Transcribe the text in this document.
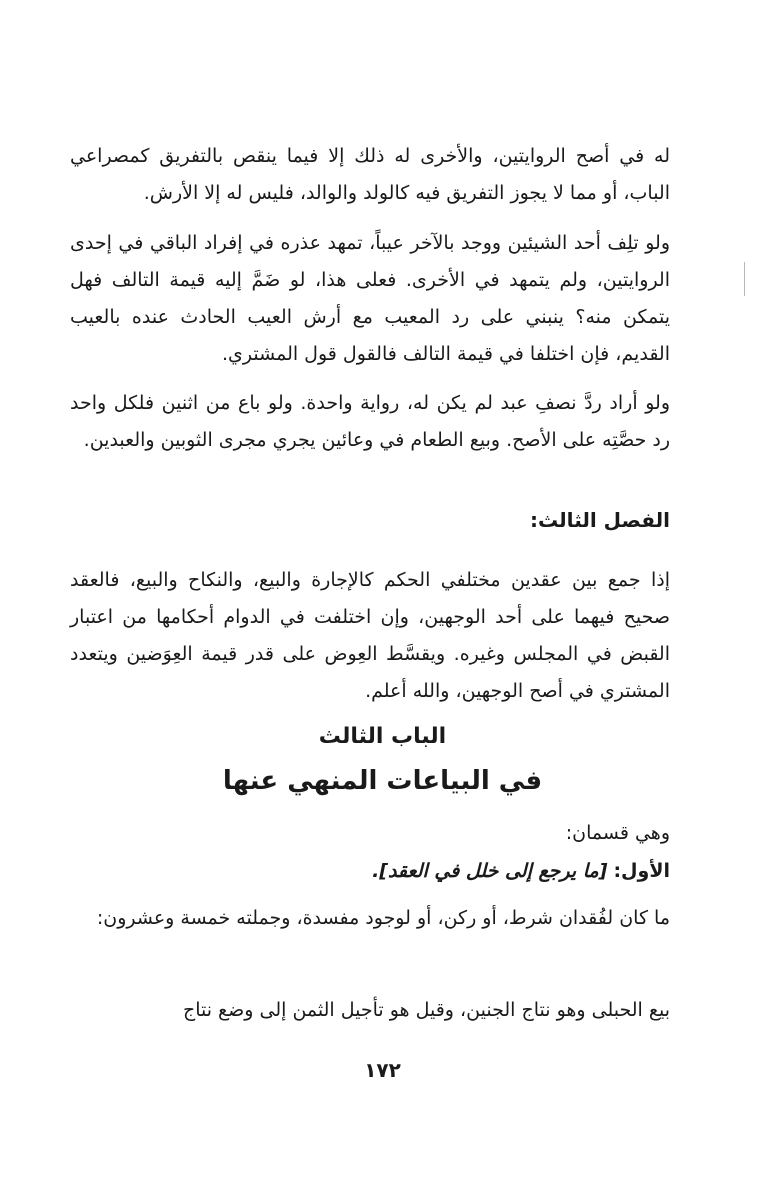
له في أصح الروايتين، والأخرى له ذلك إلا فيما ينقص بالتفريق كمصراعي الباب، أو مما لا يجوز التفريق فيه كالولد والوالد، فليس له إلا الأرش.

ولو تلِف أحد الشيئين ووجد بالآخر عيباً، تمهد عذره في إفراد الباقي في إحدى الروايتين، ولم يتمهد في الأخرى. فعلى هذا، لو ضَمَّ إليه قيمة التالف فهل يتمكن منه؟ ينبني على رد المعيب مع أرش العيب الحادث عنده بالعيب القديم، فإن اختلفا في قيمة التالف فالقول قول المشتري.

ولو أراد ردَّ نصفِ عبد لم يكن له، رواية واحدة. ولو باع من اثنين فلكل واحد رد حصَّتِه على الأصح. وبيع الطعام في وعائين يجري مجرى الثوبين والعبدين.

الفصل الثالث:

إذا جمع بين عقدين مختلفي الحكم كالإجارة والبيع، والنكاح والبيع، فالعقد صحيح فيهما على أحد الوجهين، وإن اختلفت في الدوام أحكامها من اعتبار القبض في المجلس وغيره. ويقسَّط العِوض على قدر قيمة العِوَضين ويتعدد المشتري في أصح الوجهين، والله أعلم.

الباب الثالث
في البياعات المنهي عنها

وهي قسمان:

الأول: [ما يرجع إلى خلل في العقد].

ما كان لفُقدان شرط، أو ركن، أو لوجود مفسدة، وجملته خمسة وعشرون:

بيع الحبلى وهو نتاج الجنين، وقيل هو تأجيل الثمن إلى وضع نتاج

١٧٢
